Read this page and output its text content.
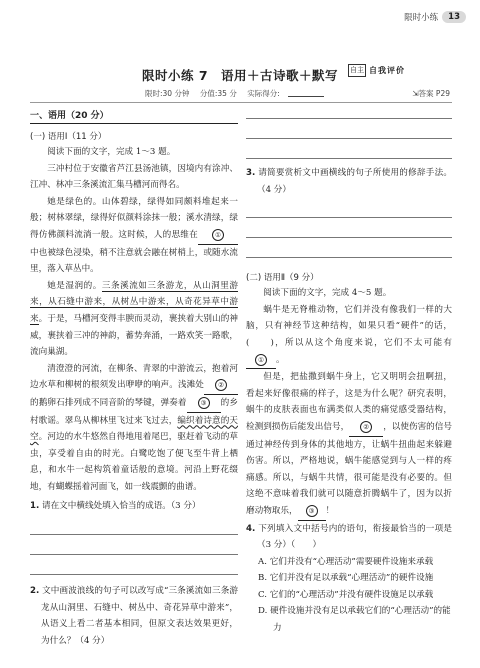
限时小练	13
限时小练 7　语用＋古诗歌＋默写	自主 自我评价
限时:30 分钟 分值:35 分 实际得分:	⇲答案 P29
一、语用（20 分）
(一) 语用Ⅰ（11 分）

阅读下面的文字，完成 1～3 题。

三冲村位于安徽省芦江县汤池镇，因境内有涂冲、江冲、林冲三条溪流汇集马槽河而得名。

她是绿色的。山体碧绿，绿得如同颇料堆起来一般；树林翠绿，绿得好似颜料涂抹一般；溪水清绿，绿得仿佛颜料流淌一般。这时候，人的思维在	①中也被绿色浸染，稍不注意就会融在树梢上，或随水流里，落入草丛中。

她是湿润的。三条溪流如三条游龙，从山洞里游来，从石缝中游来，从树丛中游来，从奇花异草中游来。于是，马槽河变得丰腴而灵动，裹挟着大别山的神威，裹挟着三冲的神韵，蓄势奔涌，一路欢笑一路歌，流向巢湖。

清澄澄的河流，在柳条、青翠的中游流云，抱着河边水草和柳树的根须发出咿咿的响声。浅滩处 ②的鹅卵石排列成不同音阶的琴键，弹奏着 ③ 的乡村歌谣。翠鸟从柳林里飞过来飞过去，编织着诗意的天空。河边的水牛悠然自得地甩着尾巴，驱赶着飞动的草虫，享受着自由的时光。白鹭吃饱了便飞至牛背上栖息，和水牛一起构筑着童话般的意境。河沿上野花缀地，有蝴蝶摇着河面飞，如一线震颤的曲谱。

1. 请在文中横线处填入恰当的成语。（3 分）

2. 文中画波浪线的句子可以改写成“三条溪流如三条游龙从山洞里、石缝中、树丛中、奇花异草中游来”，从语义上看二者基本相同，但原文表达效果更好，为什么？（4 分）

3. 请简要赏析文中画横线的句子所使用的修辞手法。（4 分）

(二) 语用Ⅱ（9 分）

阅读下面的文字，完成 4～5 题。

蜗牛是无脊椎动物，它们并没有像我们一样的大脑，只有神经节这种结构，如果只看“硬件”的话，(　　)，所以从这个角度来说，它们不太可能有① 。

但是，把盐撒到蜗牛身上，它又明明会扭啊扭，看起来好像很痛的样子，这是为什么呢？研究表明，蜗牛的皮肤表面也布满类似人类的痛觉感受器结构，检测到损伤后能发出信号， ② ，以使伤害的信号通过神经传到身体的其他地方，让蜗牛扭曲起来躲避伤害。所以，严格地说，蜗牛能感觉到与人一样的疼痛感。所以，与蜗牛共情，很可能是没有必要的。但这绝不意味着我们就可以随意折腾蜗牛了，因为以折磨动物取乐， ③ ！

4. 下列填入文中括号内的语句，衔接最恰当的一项是（3 分）（　　）

A. 它们并没有“心理活动”需要硬件设施来承载

B. 它们并没有足以承载“心理活动”的硬件设施

C. 它们的“心理活动”并没有硬件设施足以承载

D. 硬件设施并没有足以承载它们的“心理活动”的能力
